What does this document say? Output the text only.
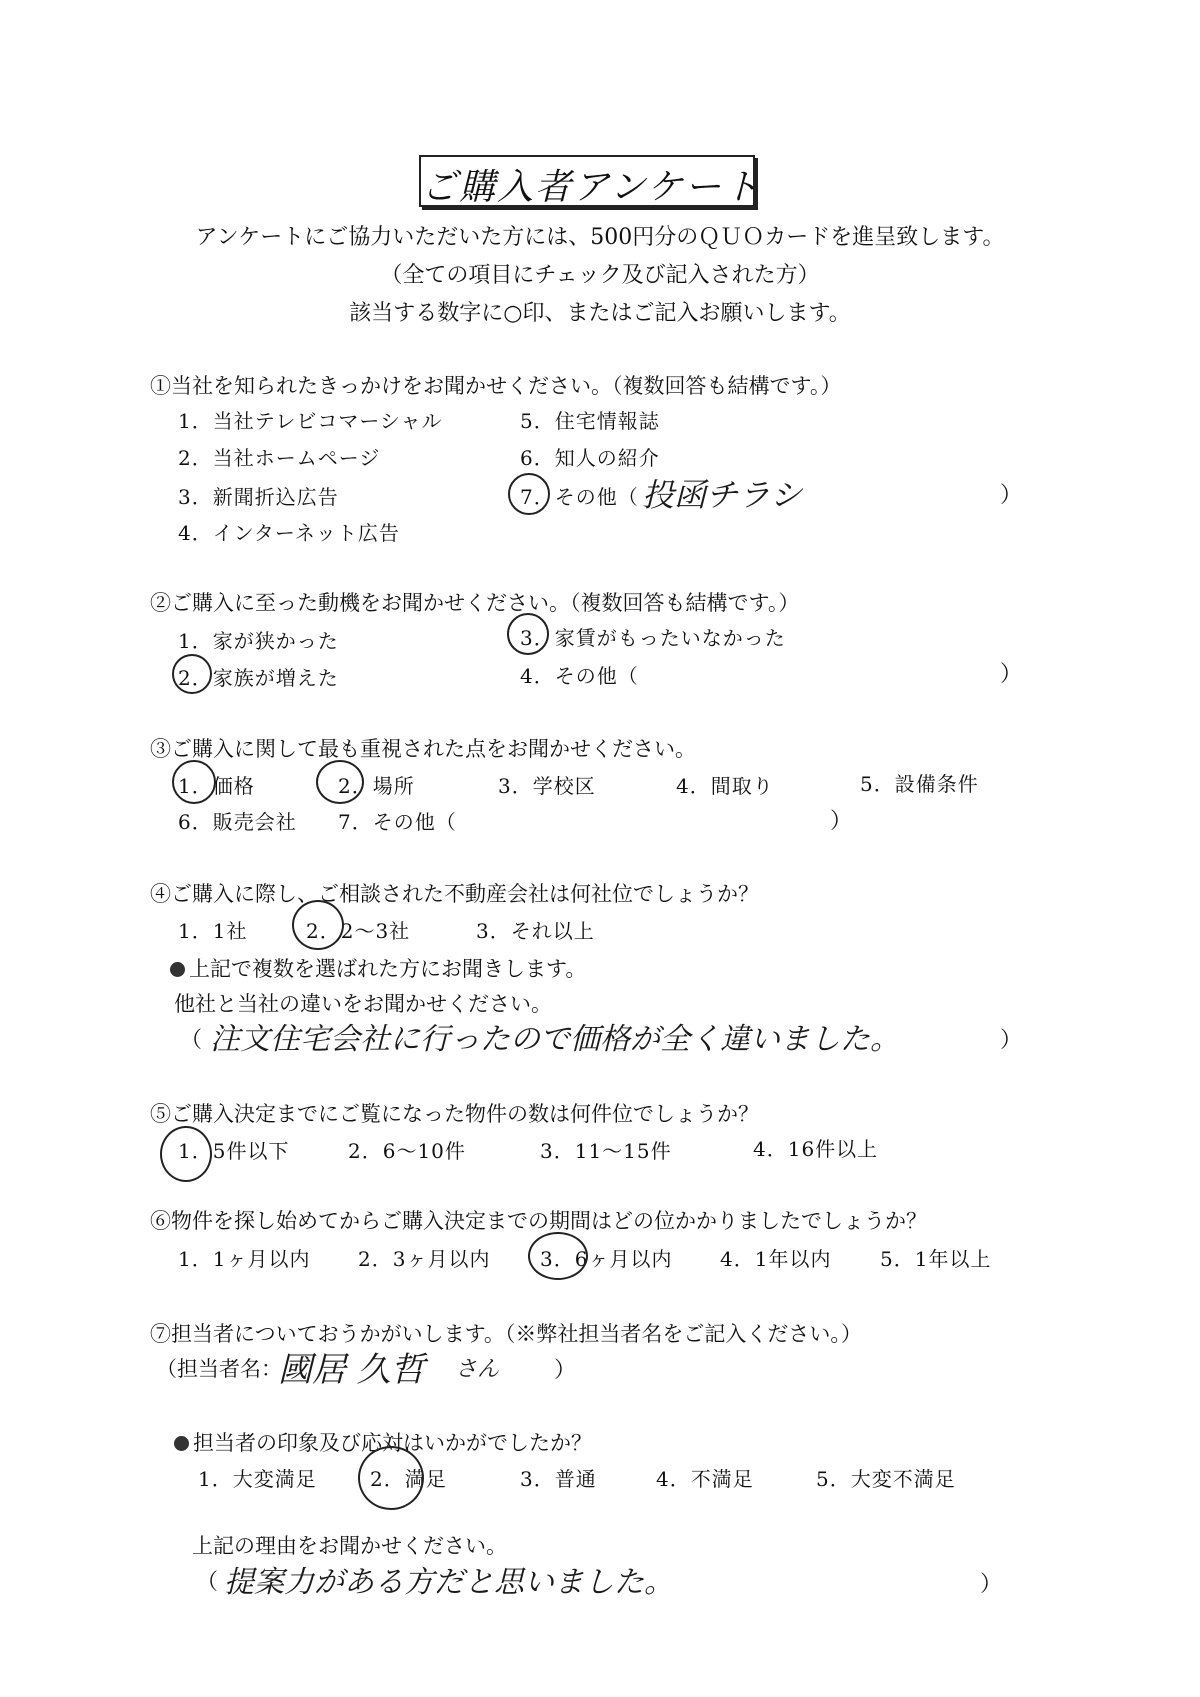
ご購入者アンケート
アンケートにご協力いただいた方には、500円分のＱＵＯカードを進呈致します。
（全ての項目にチェック及び記入された方）
該当する数字に○印、またはご記入お願いします。
①当社を知られたきっかけをお聞かせください。（複数回答も結構です。）
1．当社テレビコマーシャル
2．当社ホームページ
3．新聞折込広告
4．インターネット広告
5．住宅情報誌
6．知人の紹介
7．その他（ 投函チラシ	）
②ご購入に至った動機をお聞かせください。（複数回答も結構です。）
1．家が狭かった
2．家族が増えた
3．家賃がもったいなかった
4．その他（	）
③ご購入に関して最も重視された点をお聞かせください。
1．価格	2．場所	3．学校区	4．間取り	5．設備条件
6．販売会社 7．その他（	）
④ご購入に際し、ご相談された不動産会社は何社位でしょうか？
1．1社	2．2～3社	3．それ以上
上記で複数を選ばれた方にお聞きします。
他社と当社の違いをお聞かせください。
（ 注文住宅会社に行ったので価格が全く違いました。	）
⑤ご購入決定までにご覧になった物件の数は何件位でしょうか？
1．5件以下	2．6～10件	3．11～15件	4．16件以上
⑥物件を探し始めてからご購入決定までの期間はどの位かかりましたでしょうか？
1．1ヶ月以内 2．3ヶ月以内 3．6ヶ月以内 4．1年以内 5．1年以上
⑦担当者についておうかがいします。（※弊社担当者名をご記入ください。）
（担当者名：
國居 久哲 さん ）
担当者の印象及び応対はいかがでしたか？
1．大変満足	2．満足	3．普通	4．不満足	5．大変不満足
上記の理由をお聞かせください。
（ 提案力がある方だと思いました。	）
